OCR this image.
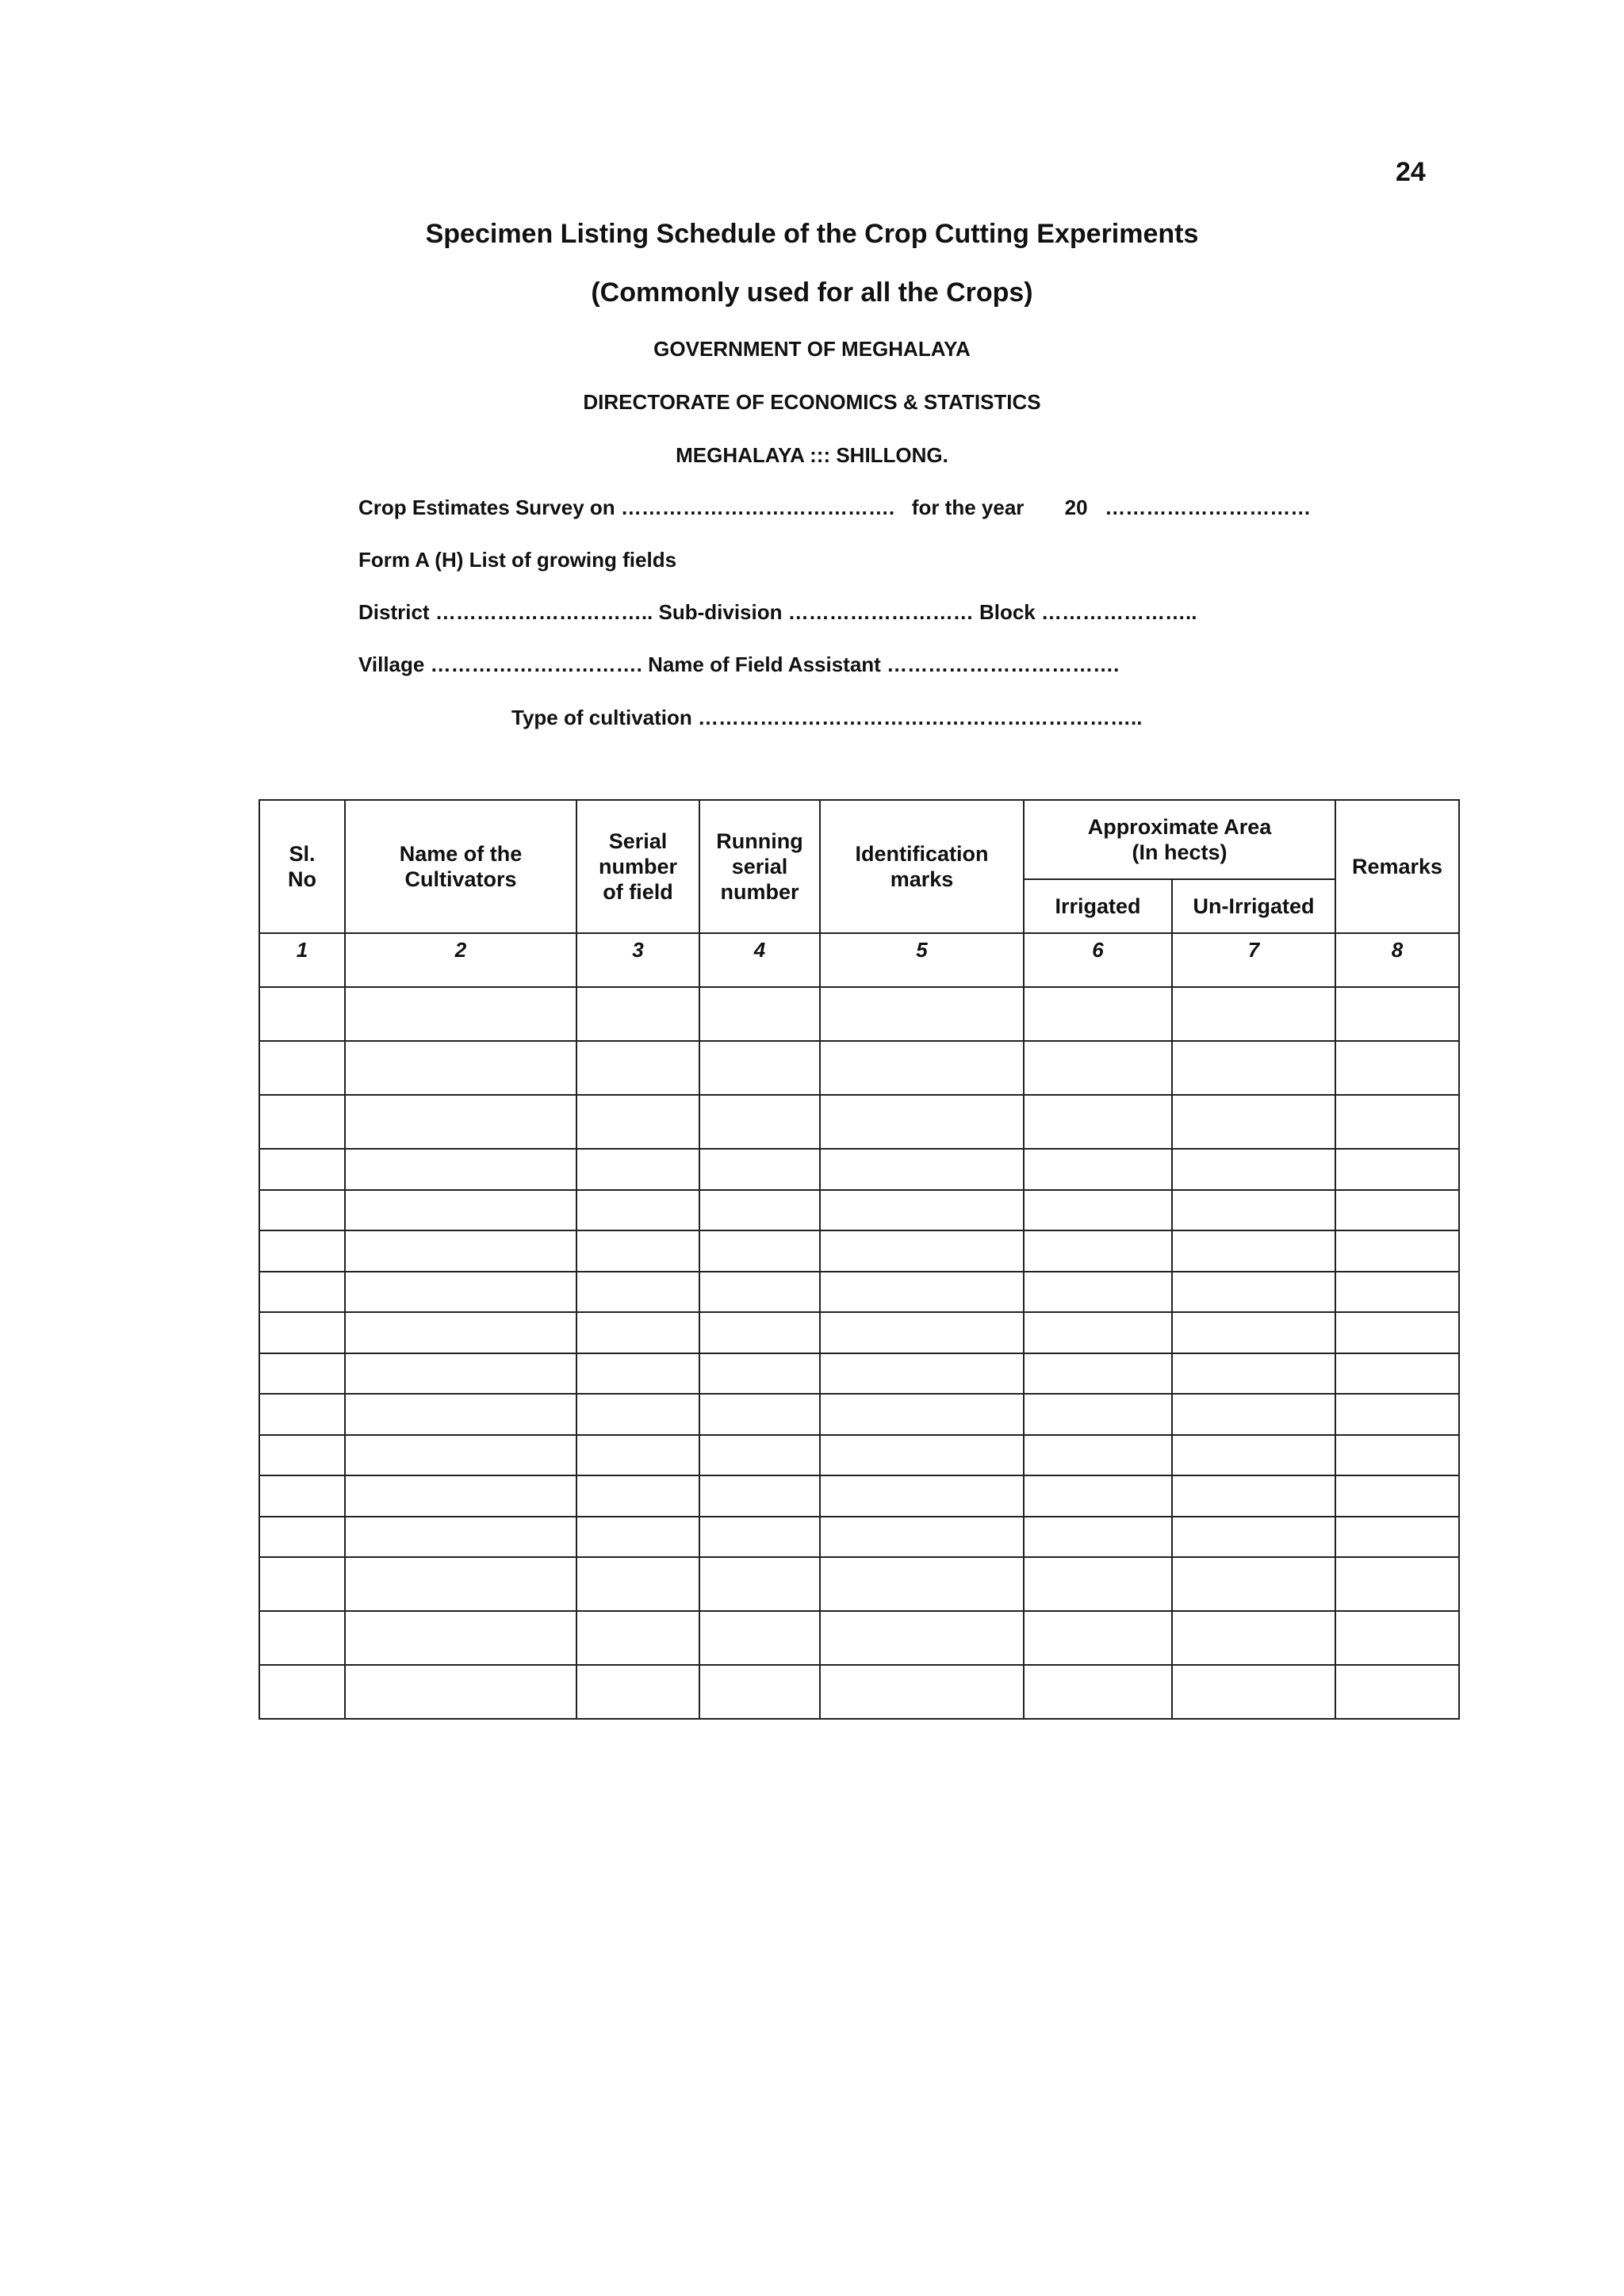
24
Specimen Listing Schedule of the Crop Cutting Experiments
(Commonly used for all the Crops)
GOVERNMENT OF MEGHALAYA
DIRECTORATE OF ECONOMICS & STATISTICS
MEGHALAYA ::: SHILLONG.
Crop Estimates Survey on …………………………………. for the year 20 …………………………
Form A (H) List of growing fields
District ………………………….. Sub-division ……………………… Block …………………..
Village …………………………. Name of Field Assistant …………………………….
Type of cultivation ………………………………………………………..
Sl. No	Name of the Cultivators	Serial number of field	Running serial number	Identification marks	Approximate Area (In hects)		Remarks
					Irrigated	Un-Irrigated	
1	2	3	4	5	6	7	8
